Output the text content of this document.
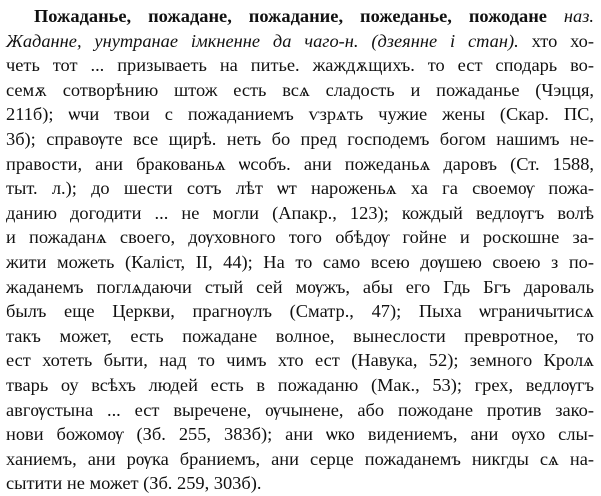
Пожаданье, пожадане, пожадание, пожеданье, пожодане наз.
Жаданне, унутранае імкненне да чаго-н. (дзеянне і стан). хто хо-
четь тот ... призываеть на питье. жаждѫщихъ. то ест сподарь во-
семѫ сотворѣнию штож есть всѧ сладость и пожаданье (Чэцця,
211б); ѡчи твои с пожаданиемъ ѵзрѧть чужие жены (Скар. ПС,
3б); справѹте все щирѣ. неть бо пред господемъ богом нашимъ не-
правости, ани бракованьѧ ѡсобъ. ани пожеданьѧ даровъ (Ст. 1588,
тыт. л.); до шести сотъ лѣт ѡт нароженьѧ ха га своемѹ пожа-
данию догодити ... не могли (Апакр., 123); кождый ведлѹгъ волѣ
и пожаданѧ своего, дѹховного того обѣдѹ гойне и роскошне за-
жити можеть (Каліст, II, 44); На то само всею дѹшею своею з по-
жаданемъ поглѧдаючи стый сей мѹжъ, абы его Гдь Бгъ дароваль
былъ еще Церкви, прагнѹлъ (Сматр., 47); Пыха ѡграничытисѧ
такъ может, есть пожадане волное, вынеслости превротное, то
ест хотеть быти, над то чимъ хто ест (Навука, 52); земного Кролѧ
тварь оу всѣхъ людей есть в пожаданю (Мак., 53); грех, ведлѹгъ
авгѹстына ... ест выречене, ѹчынене, або пожодане против зако-
нови божомѹ (Зб. 255, 383б); ани ѡко видениемъ, ани ѹхо слы-
ханиемъ, ани рѹка браниемъ, ани серце пожаданемъ никгды сѧ на-
сытити не может (Зб. 259, 303б).
